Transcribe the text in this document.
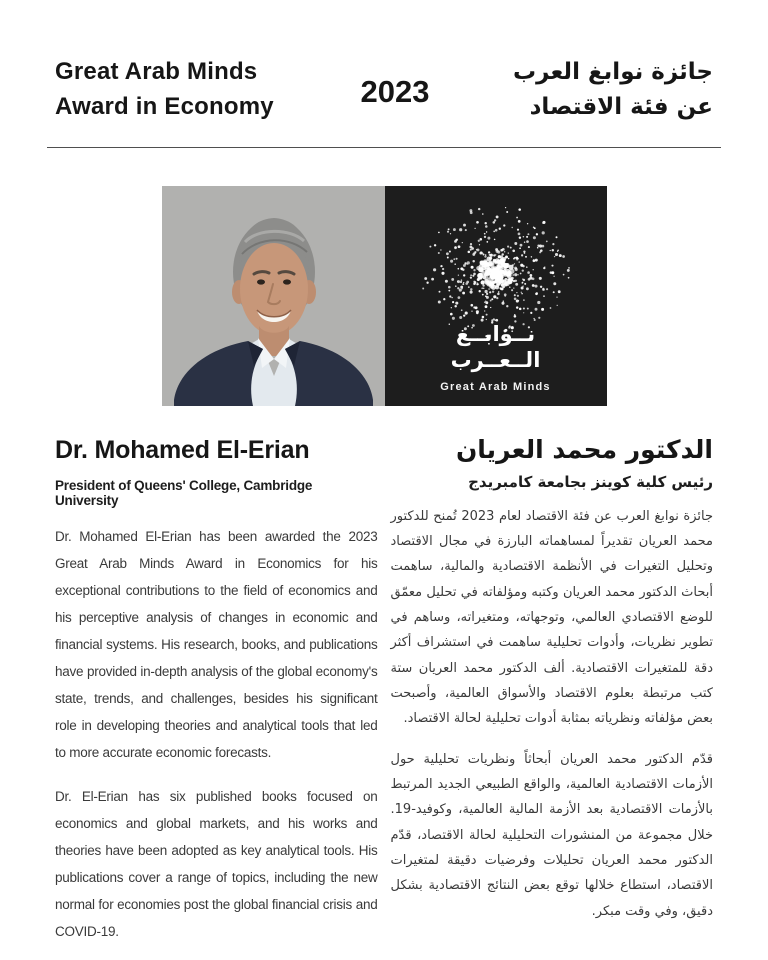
Great Arab Minds
Award in Economy
جائزة نوابغ العرب
عن فئة الاقتصاد
2023
نــوابــغ
الــعــرب
Great Arab Minds
Dr. Mohamed El-Erian
President of Queens' College, Cambridge University

Dr. Mohamed El-Erian has been awarded the 2023 Great Arab Minds Award in Economics for his exceptional contributions to the field of economics and his perceptive analysis of changes in economic and financial systems. His research, books, and publications have provided in-depth analysis of the global economy's state, trends, and challenges, besides his significant role in developing theories and analytical tools that led to more accurate economic forecasts.

Dr. El-Erian has six published books focused on economics and global markets, and his works and theories have been adopted as key analytical tools. His publications cover a range of topics, including the new normal for economies post the global financial crisis and COVID-19.

الدكتور محمد العريان
رئيس كلية كوينز بجامعة كامبريدج

جائزة نوابغ العرب عن فئة الاقتصاد لعام 2023 تُمنح للدكتور محمد العريان تقديراً لمساهماته البارزة في مجال الاقتصاد وتحليل التغيرات في الأنظمة الاقتصادية والمالية، ساهمت أبحاث الدكتور محمد العريان وكتبه ومؤلفاته في تحليل معمّق للوضع الاقتصادي العالمي، وتوجهاته، ومتغيراته، وساهم في تطوير نظريات، وأدوات تحليلية ساهمت في استشراف أكثر دقة للمتغيرات الاقتصادية. ألف الدكتور محمد العريان ستة كتب مرتبطة بعلوم الاقتصاد والأسواق العالمية، وأصبحت بعض مؤلفاته ونظرياته بمثابة أدوات تحليلية لحالة الاقتصاد.

قدّم الدكتور محمد العريان أبحاثاً ونظريات تحليلية حول الأزمات الاقتصادية العالمية، والواقع الطبيعي الجديد المرتبط بالأزمات الاقتصادية بعد الأزمة المالية العالمية، وكوفيد-19. خلال مجموعة من المنشورات التحليلية لحالة الاقتصاد، قدّم الدكتور محمد العريان تحليلات وفرضيات دقيقة لمتغيرات الاقتصاد، استطاع خلالها توقع بعض النتائج الاقتصادية بشكل دقيق، وفي وقت مبكر.
